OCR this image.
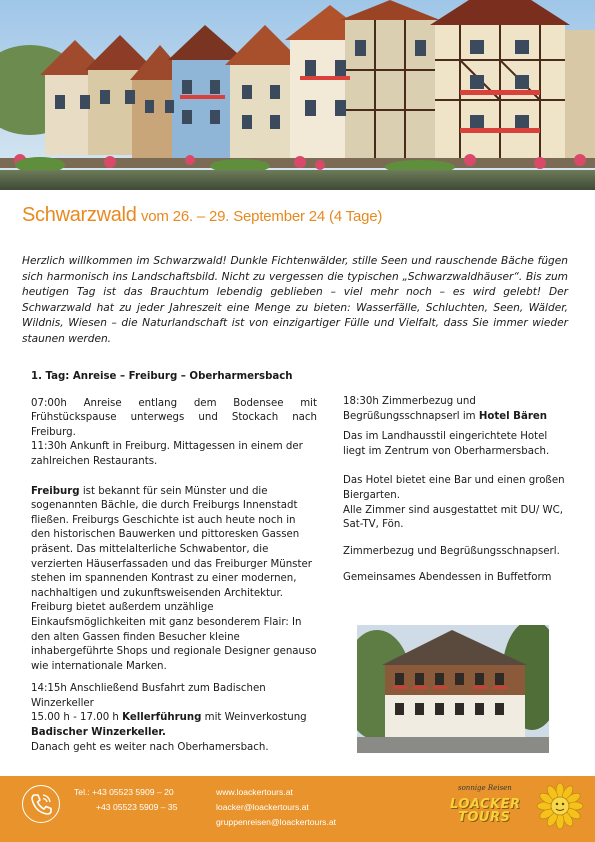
Schwarzwald vom 26. – 29. September 24 (4 Tage)

Herzlich willkommen im Schwarzwald! Dunkle Fichtenwälder, stille Seen und rauschende Bäche fügen sich harmonisch ins Landschaftsbild. Nicht zu vergessen die typischen „Schwarzwaldhäuser“. Bis zum heutigen Tag ist das Brauchtum lebendig geblieben – viel mehr noch – es wird gelebt! Der Schwarzwald hat zu jeder Jahreszeit eine Menge zu bieten: Wasserfälle, Schluchten, Seen, Wälder, Wildnis, Wiesen – die Naturlandschaft ist von einzigartiger Fülle und Vielfalt, dass Sie immer wieder staunen werden.

1. Tag: Anreise – Freiburg – Oberharmersbach

07:00h Anreise entlang dem Bodensee mit Frühstückspause unterwegs und Stockach nach Freiburg.

11:30h Ankunft in Freiburg. Mittagessen in einem der zahlreichen Restaurants.

Freiburg ist bekannt für sein Münster und die sogenannten Bächle, die durch Freiburgs Innenstadt fließen. Freiburgs Geschichte ist auch heute noch in den historischen Bauwerken und pittoresken Gassen präsent. Das mittelalterliche Schwabentor, die verzierten Häuserfassaden und das Freiburger Münster stehen im spannenden Kontrast zu einer modernen, nachhaltigen und zukunftsweisenden Architektur. Freiburg bietet außerdem unzählige Einkaufsmöglichkeiten mit ganz besonderem Flair: In den alten Gassen finden Besucher kleine inhabergeführte Shops und regionale Designer genauso wie internationale Marken.

14:15h Anschließend Busfahrt zum Badischen Winzerkeller

15.00 h - 17.00 h Kellerführung mit Weinverkostung Badischer Winzerkeller.

Danach geht es weiter nach Oberhamersbach.

18:30h Zimmerbezug und Begrüßungsschnapserl im Hotel Bären

Das im Landhausstil eingerichtete Hotel liegt im Zentrum von Oberharmersbach.

Das Hotel bietet eine Bar und einen großen Biergarten.

Alle Zimmer sind ausgestattet mit DU/ WC, Sat-TV, Fön.

Zimmerbezug und Begrüßungsschnapserl.

Gemeinsames Abendessen in Buffetform

Tel.: +43 05523 5909 – 20
+43 05523 5909 – 35
www.loackertours.at
loacker@loackertours.at
gruppenreisen@loackertours.at
sonnige Reisen
LOACKER
TOURS
